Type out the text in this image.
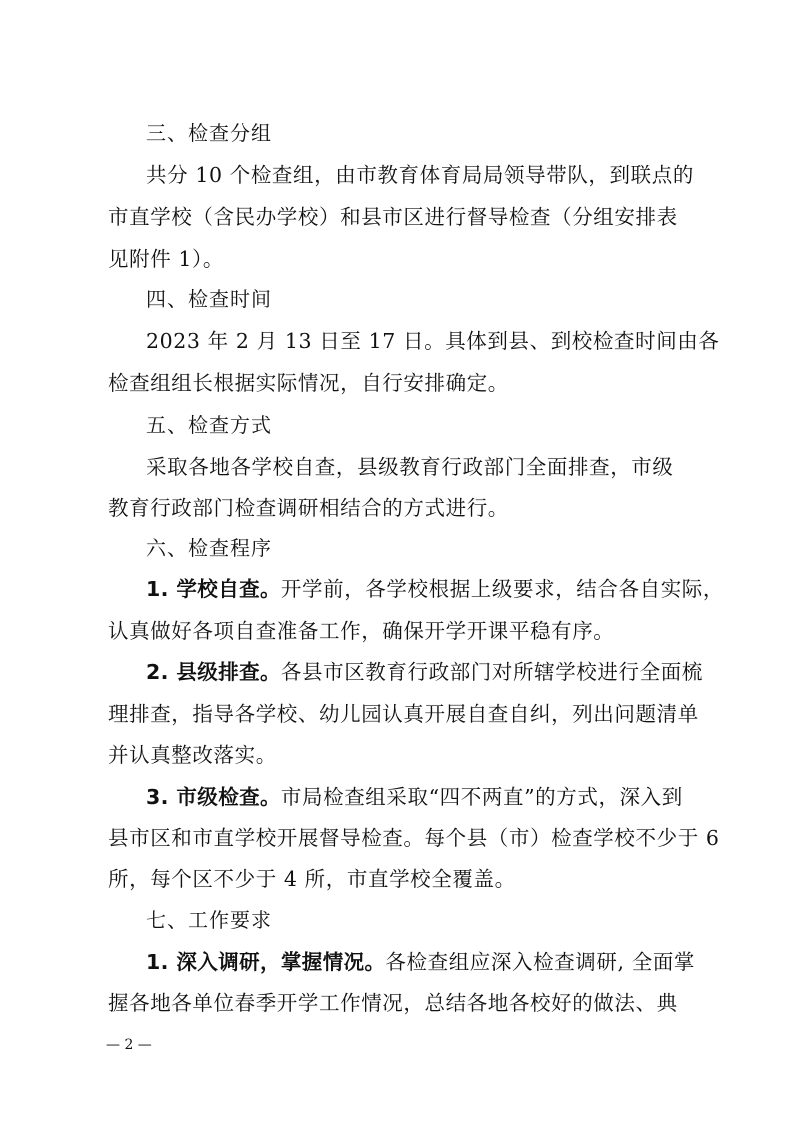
三、检查分组
共分 10 个检查组，由市教育体育局局领导带队，到联点的
市直学校（含民办学校）和县市区进行督导检查（分组安排表
见附件 1）。
四、检查时间
2023 年 2 月 13 日至 17 日。具体到县、到校检查时间由各
检查组组长根据实际情况，自行安排确定。
五、检查方式
采取各地各学校自查，县级教育行政部门全面排查，市级
教育行政部门检查调研相结合的方式进行。
六、检查程序
1. 学校自查。开学前，各学校根据上级要求，结合各自实际，
认真做好各项自查准备工作，确保开学开课平稳有序。
2. 县级排查。各县市区教育行政部门对所辖学校进行全面梳
理排查，指导各学校、幼儿园认真开展自查自纠，列出问题清单
并认真整改落实。
3. 市级检查。市局检查组采取“四不两直”的方式，深入到
县市区和市直学校开展督导检查。每个县（市）检查学校不少于 6
所，每个区不少于 4 所，市直学校全覆盖。
七、工作要求
1. 深入调研，掌握情况。各检查组应深入检查调研, 全面掌
握各地各单位春季开学工作情况，总结各地各校好的做法、典
— 2 —
